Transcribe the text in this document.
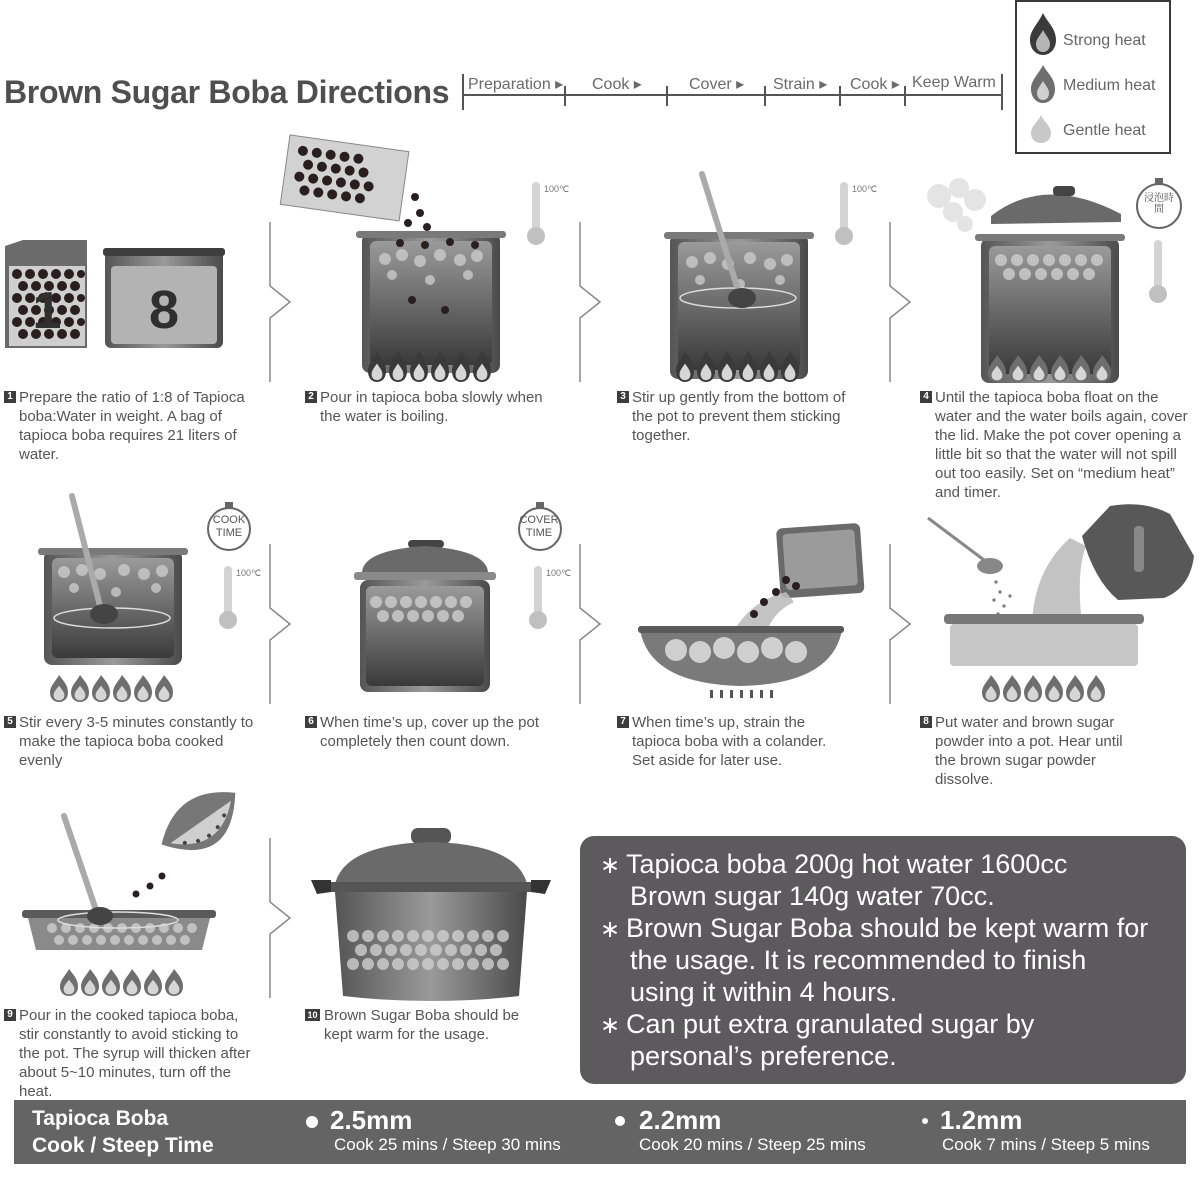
Brown Sugar Boba Directions Preparation ▸ Cook ▸	Cover ▸ Strain ▸ Cook ▸ Keep Warm
Strong heat
Medium heat
Gentle heat
1 8
100℃	100℃
浸泡時間
1 Prepare the ratio of 1:8 of Tapioca boba:Water in weight. A bag of tapioca boba requires 21 liters of water.
2 Pour in tapioca boba slowly when the water is boiling.
3 Stir up gently from the bottom of the pot to prevent them sticking together.
4 Until the tapioca boba float on the water and the water boils again, cover the lid. Make the pot cover opening a little bit so that the water will not spill out too easily. Set on “medium heat” and timer.
COOK TIME
100℃
COVER TIME
100℃
5 Stir every 3-5 minutes constantly to make the tapioca boba cooked evenly
6 When time’s up, cover up the pot completely then count down.
7 When time’s up, strain the tapioca boba with a colander. Set aside for later use.
8 Put water and brown sugar powder into a pot. Hear until the brown sugar powder dissolve.
9 Pour in the cooked tapioca boba, stir constantly to avoid sticking to the pot. The syrup will thicken after about 5~10 minutes, turn off the heat.
10 Brown Sugar Boba should be kept warm for the usage.
∗ Tapioca boba 200g hot water 1600cc
Brown sugar 140g water 70cc.
∗ Brown Sugar Boba should be kept warm for
the usage. It is recommended to finish
using it within 4 hours.
∗ Can put extra granulated sugar by
personal’s preference.
Tapioca Boba
Cook / Steep Time
2.5mm
Cook 25 mins / Steep 30 mins
2.2mm
Cook 20 mins / Steep 25 mins
1.2mm
Cook 7 mins / Steep 5 mins
